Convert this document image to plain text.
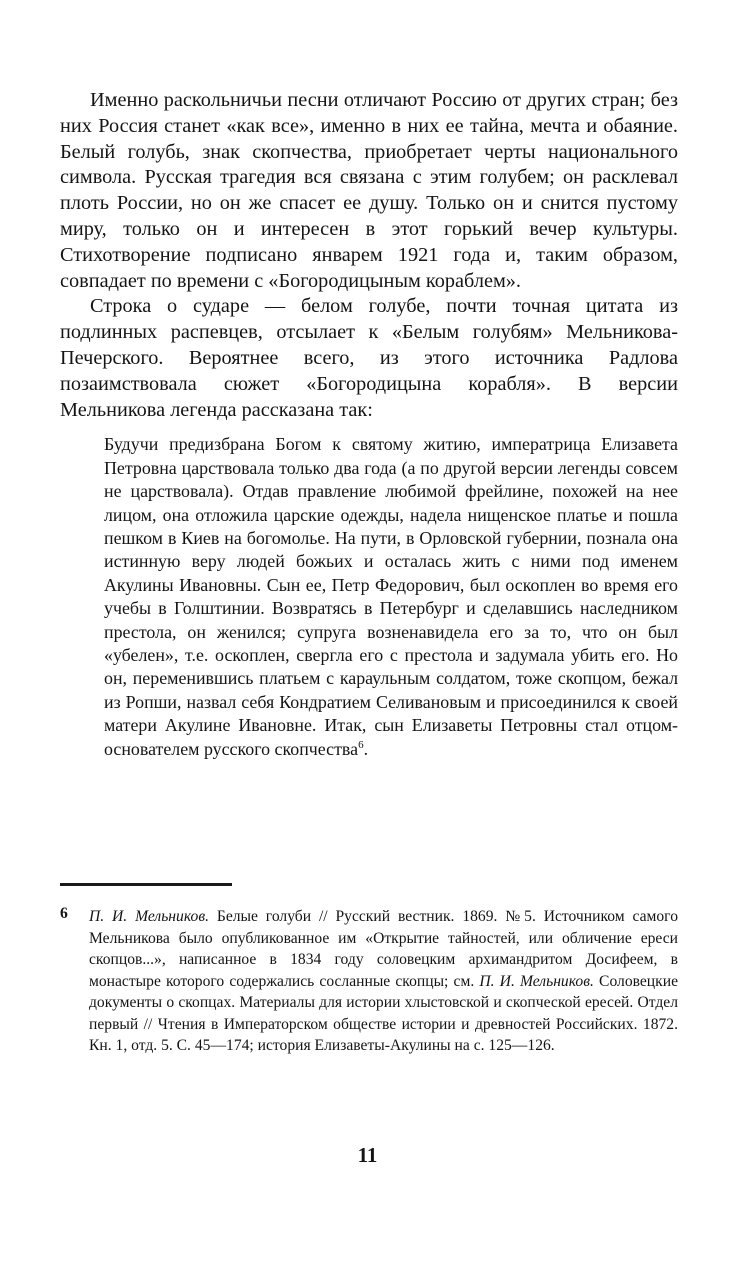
Именно раскольничьи песни отличают Россию от других стран; без них Россия станет «как все», именно в них ее тайна, мечта и обаяние. Белый голубь, знак скопчества, приобретает черты национального символа. Русская трагедия вся связана с этим голубем; он расклевал плоть России, но он же спасет ее душу. Только он и снится пустому миру, только он и интересен в этот горький вечер культуры. Стихотворение подписано январем 1921 года и, таким образом, совпадает по времени с «Богородицыным кораблем».

Строка о сударе — белом голубе, почти точная цитата из подлинных распевцев, отсылает к «Белым голубям» Мельникова-Печерского. Вероятнее всего, из этого источника Радлова позаимствовала сюжет «Богородицына корабля». В версии Мельникова легенда рассказана так:

Будучи предизбрана Богом к святому житию, императрица Елизавета Петровна царствовала только два года (а по другой версии легенды совсем не царствовала). Отдав правление любимой фрейлине, похожей на нее лицом, она отложила царские одежды, надела нищенское платье и пошла пешком в Киев на богомолье. На пути, в Орловской губернии, познала она истинную веру людей божьих и осталась жить с ними под именем Акулины Ивановны. Сын ее, Петр Федорович, был оскоплен во время его учебы в Голштинии. Возвратясь в Петербург и сделавшись наследником престола, он женился; супруга возненавидела его за то, что он был «убелен», т.е. оскоплен, свергла его с престола и задумала убить его. Но он, переменившись платьем с караульным солдатом, тоже скопцом, бежал из Ропши, назвал себя Кондратием Селивановым и присоединился к своей матери Акулине Ивановне. Итак, сын Елизаветы Петровны стал отцом-основателем русского скопчества$^6$.
6 П. И. Мельников. Белые голуби // Русский вестник. 1869. №5. Источником самого Мельникова было опубликованное им «Открытие тайностей, или обличение ереси скопцов...», написанное в 1834 году соловецким архимандритом Досифеем, в монастыре которого содержались сосланные скопцы; см. П. И. Мельников. Соловецкие документы о скопцах. Материалы для истории хлыстовской и скопческой ересей. Отдел первый // Чтения в Императорском обществе истории и древностей Российских. 1872. Кн. 1, отд. 5. С. 45—174; история Елизаветы-Акулины на с. 125—126.

11
